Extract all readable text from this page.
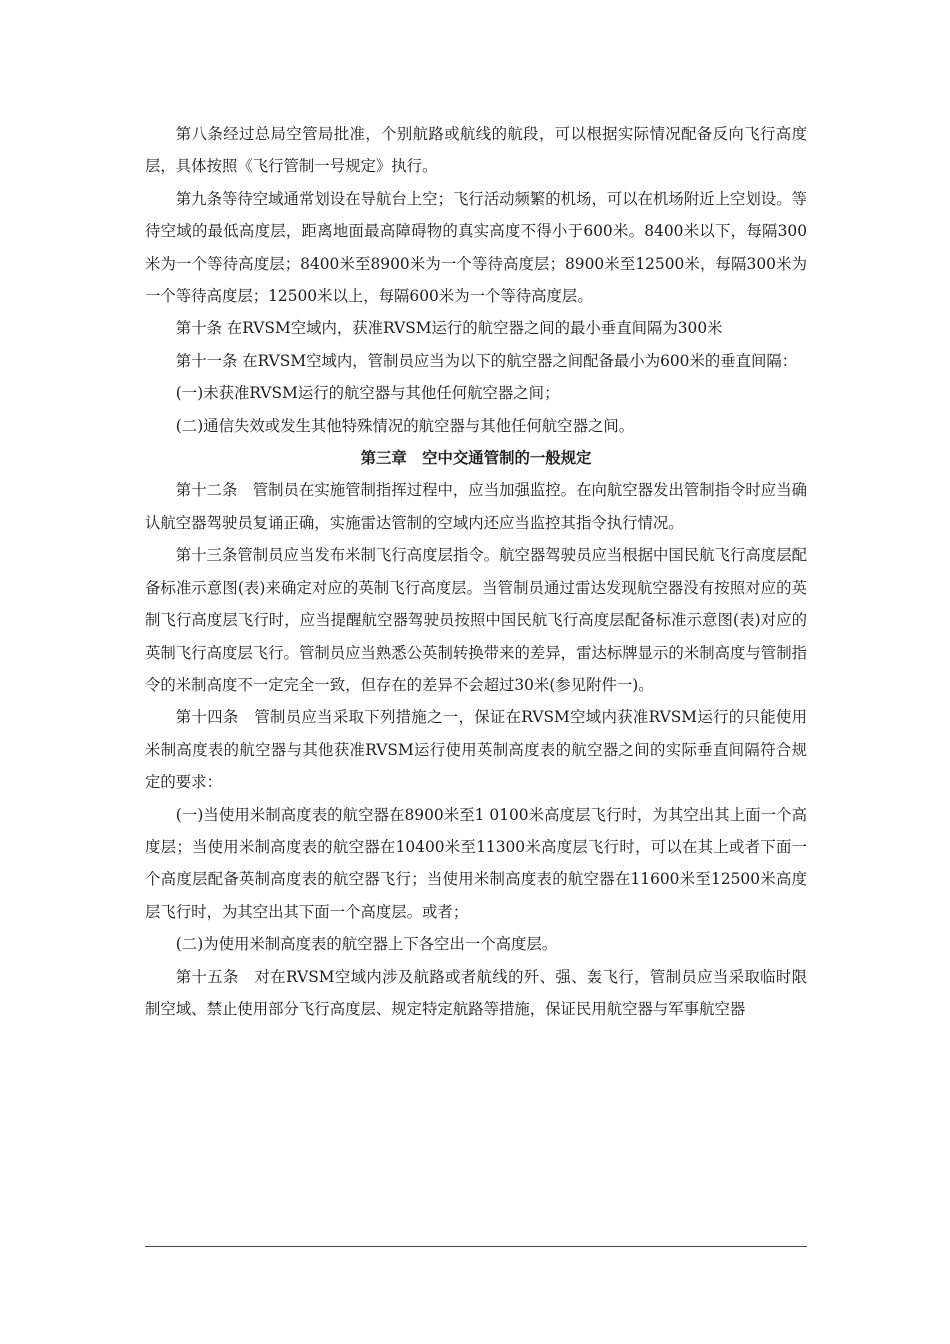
第八条经过总局空管局批准，个别航路或航线的航段，可以根据实际情况配备反向飞行高度层，具体按照《飞行管制一号规定》执行。

第九条等待空域通常划设在导航台上空；飞行活动频繁的机场，可以在机场附近上空划设。等待空域的最低高度层，距离地面最高障碍物的真实高度不得小于600米。8400米以下，每隔300米为一个等待高度层；8400米至8900米为一个等待高度层；8900米至12500米，每隔300米为一个等待高度层；12500米以上，每隔600米为一个等待高度层。

第十条 在RVSM空域内，获准RVSM运行的航空器之间的最小垂直间隔为300米

第十一条 在RVSM空域内，管制员应当为以下的航空器之间配备最小为600米的垂直间隔：

(一)未获准RVSM运行的航空器与其他任何航空器之间；

(二)通信失效或发生其他特殊情况的航空器与其他任何航空器之间。

第三章　空中交通管制的一般规定

第十二条　管制员在实施管制指挥过程中，应当加强监控。在向航空器发出管制指令时应当确认航空器驾驶员复诵正确，实施雷达管制的空域内还应当监控其指令执行情况。

第十三条管制员应当发布米制飞行高度层指令。航空器驾驶员应当根据中国民航飞行高度层配备标准示意图(表)来确定对应的英制飞行高度层。当管制员通过雷达发现航空器没有按照对应的英制飞行高度层飞行时，应当提醒航空器驾驶员按照中国民航飞行高度层配备标准示意图(表)对应的英制飞行高度层飞行。管制员应当熟悉公英制转换带来的差异，雷达标牌显示的米制高度与管制指令的米制高度不一定完全一致，但存在的差异不会超过30米(参见附件一)。

第十四条　管制员应当采取下列措施之一，保证在RVSM空域内获准RVSM运行的只能使用米制高度表的航空器与其他获准RVSM运行使用英制高度表的航空器之间的实际垂直间隔符合规定的要求：

(一)当使用米制高度表的航空器在8900米至1 0100米高度层飞行时，为其空出其上面一个高度层；当使用米制高度表的航空器在10400米至11300米高度层飞行时，可以在其上或者下面一个高度层配备英制高度表的航空器飞行；当使用米制高度表的航空器在11600米至12500米高度层飞行时，为其空出其下面一个高度层。或者；

(二)为使用米制高度表的航空器上下各空出一个高度层。

第十五条　对在RVSM空域内涉及航路或者航线的歼、强、轰飞行，管制员应当采取临时限制空域、禁止使用部分飞行高度层、规定特定航路等措施，保证民用航空器与军事航空器
